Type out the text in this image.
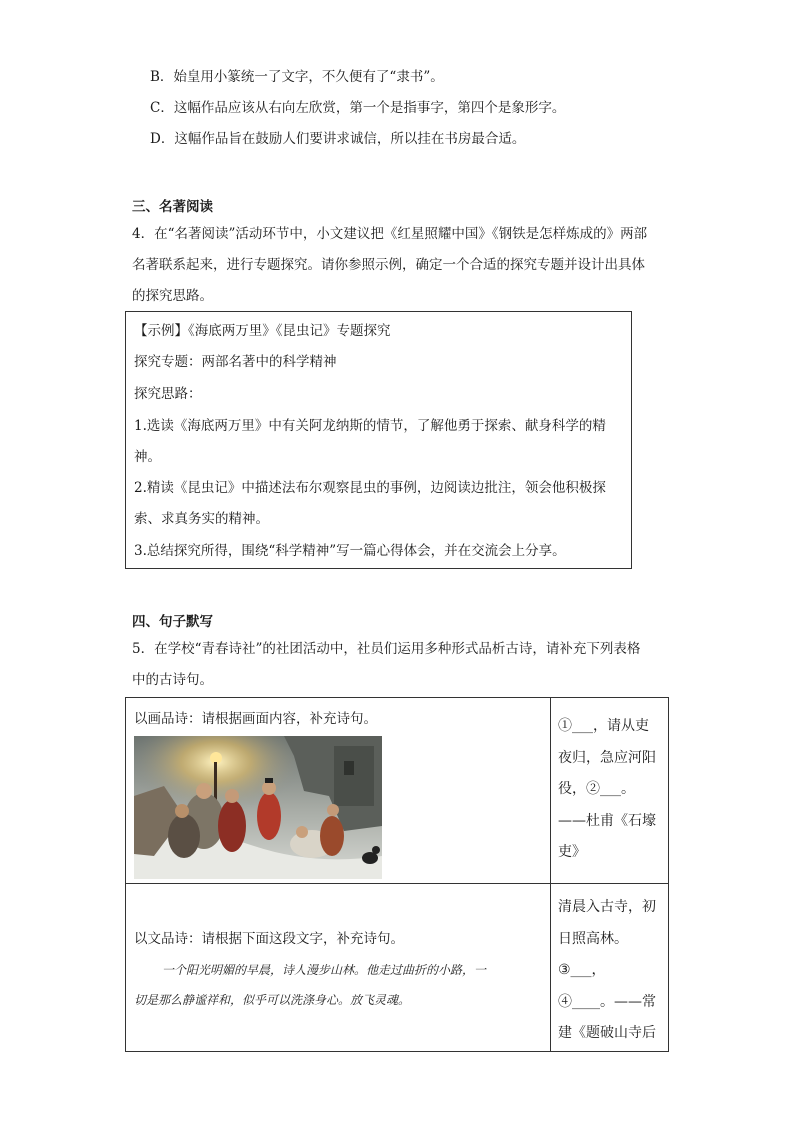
B．始皇用小篆统一了文字，不久便有了“隶书”。
C．这幅作品应该从右向左欣赏，第一个是指事字，第四个是象形字。
D．这幅作品旨在鼓励人们要讲求诚信，所以挂在书房最合适。
三、名著阅读
4．在“名著阅读”活动环节中，小文建议把《红星照耀中国》《钢铁是怎样炼成的》两部
名著联系起来，进行专题探究。请你参照示例，确定一个合适的探究专题并设计出具体
的探究思路。
【示例】《海底两万里》《昆虫记》专题探究
探究专题：两部名著中的科学精神
探究思路：
1.选读《海底两万里》中有关阿龙纳斯的情节，了解他勇于探索、献身科学的精
神。
2.精读《昆虫记》中描述法布尔观察昆虫的事例，边阅读边批注，领会他积极探
索、求真务实的精神。
3.总结探究所得，围绕“科学精神”写一篇心得体会，并在交流会上分享。
四、句子默写
5．在学校“青春诗社”的社团活动中，社员们运用多种形式品析古诗，请补充下列表格
中的古诗句。
以画品诗：请根据画面内容，补充诗句。	①___，请从吏
夜归，急应河阳
役，②___。
——杜甫《石壕
吏》
以文品诗：请根据下面这段文字，补充诗句。
一个阳光明媚的早晨，诗人漫步山林。他走过曲折的小路，一
切是那么静谧祥和，似乎可以洗涤身心。放飞灵魂。
清晨入古寺，初
日照高林。
③___，
④____。——常
建《题破山寺后
